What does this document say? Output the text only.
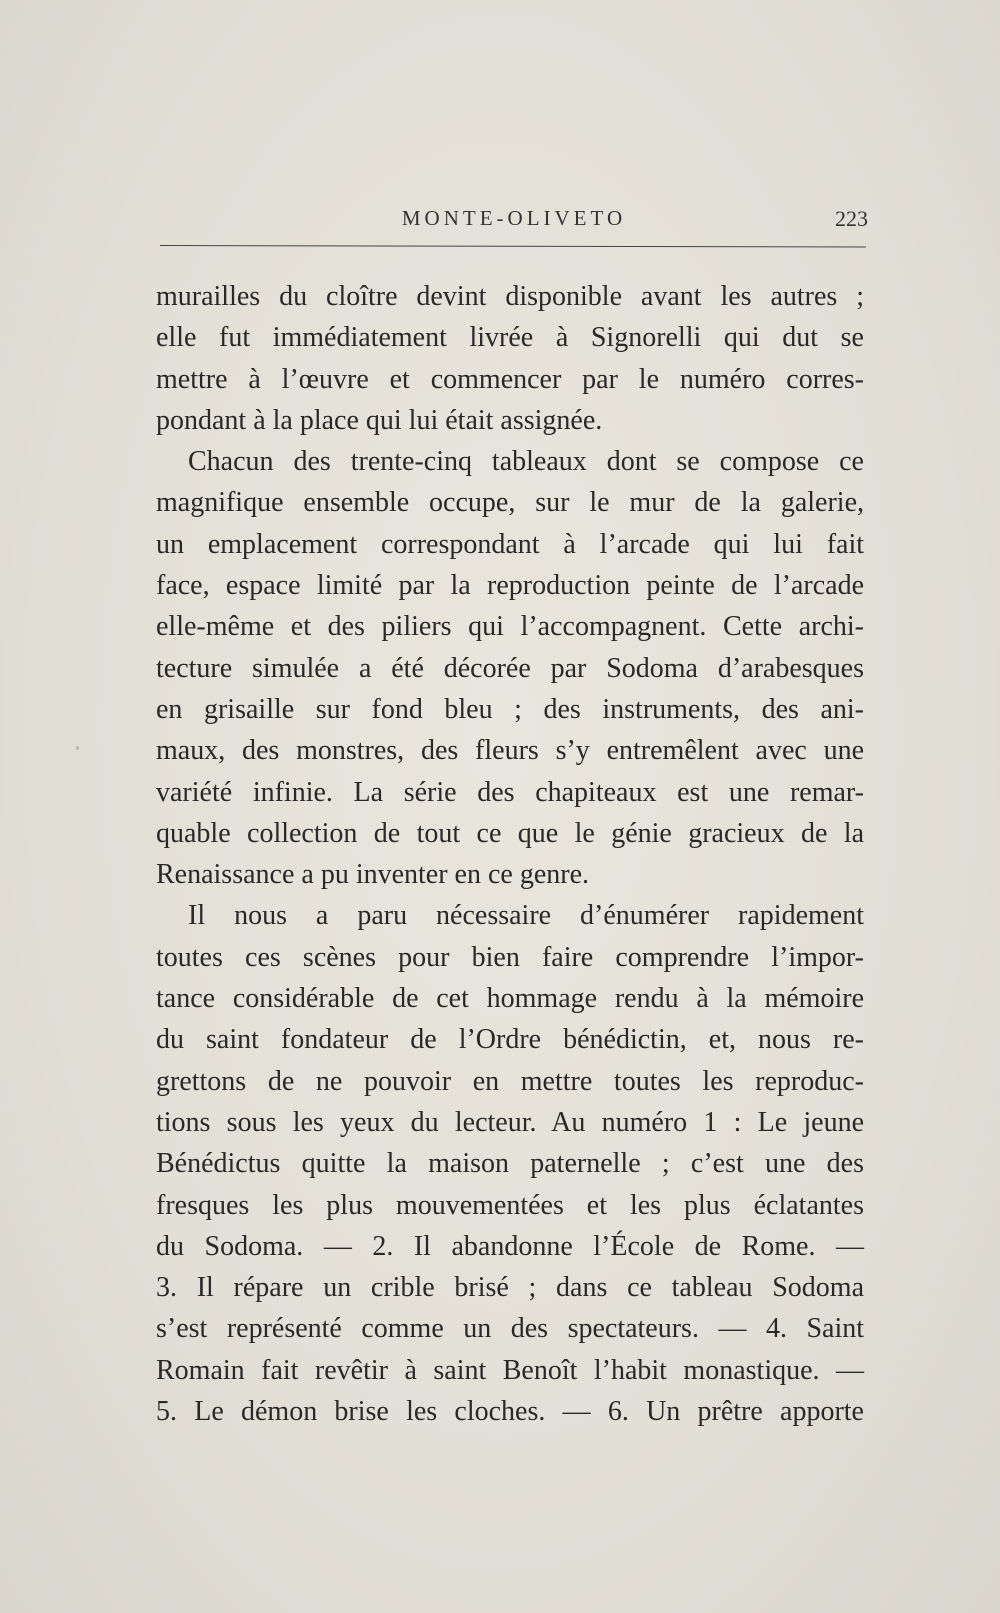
MONTE-OLIVETO	223
murailles du cloître devint disponible avant les autres ;
elle fut immédiatement livrée à Signorelli qui dut se
mettre à l’œuvre et commencer par le numéro corres-
pondant à la place qui lui était assignée.
Chacun des trente-cinq tableaux dont se compose ce
magnifique ensemble occupe, sur le mur de la galerie,
un emplacement correspondant à l’arcade qui lui fait
face, espace limité par la reproduction peinte de l’arcade
elle-même et des piliers qui l’accompagnent. Cette archi-
tecture simulée a été décorée par Sodoma d’arabesques
en grisaille sur fond bleu ; des instruments, des ani-
maux, des monstres, des fleurs s’y entremêlent avec une
variété infinie. La série des chapiteaux est une remar-
quable collection de tout ce que le génie gracieux de la
Renaissance a pu inventer en ce genre.
Il nous a paru nécessaire d’énumérer rapidement
toutes ces scènes pour bien faire comprendre l’impor-
tance considérable de cet hommage rendu à la mémoire
du saint fondateur de l’Ordre bénédictin, et, nous re-
grettons de ne pouvoir en mettre toutes les reproduc-
tions sous les yeux du lecteur. Au numéro 1 : Le jeune
Bénédictus quitte la maison paternelle ; c’est une des
fresques les plus mouvementées et les plus éclatantes
du Sodoma. — 2. Il abandonne l’École de Rome. —
3. Il répare un crible brisé ; dans ce tableau Sodoma
s’est représenté comme un des spectateurs. — 4. Saint
Romain fait revêtir à saint Benoît l’habit monastique. —
5. Le démon brise les cloches. — 6. Un prêtre apporte
